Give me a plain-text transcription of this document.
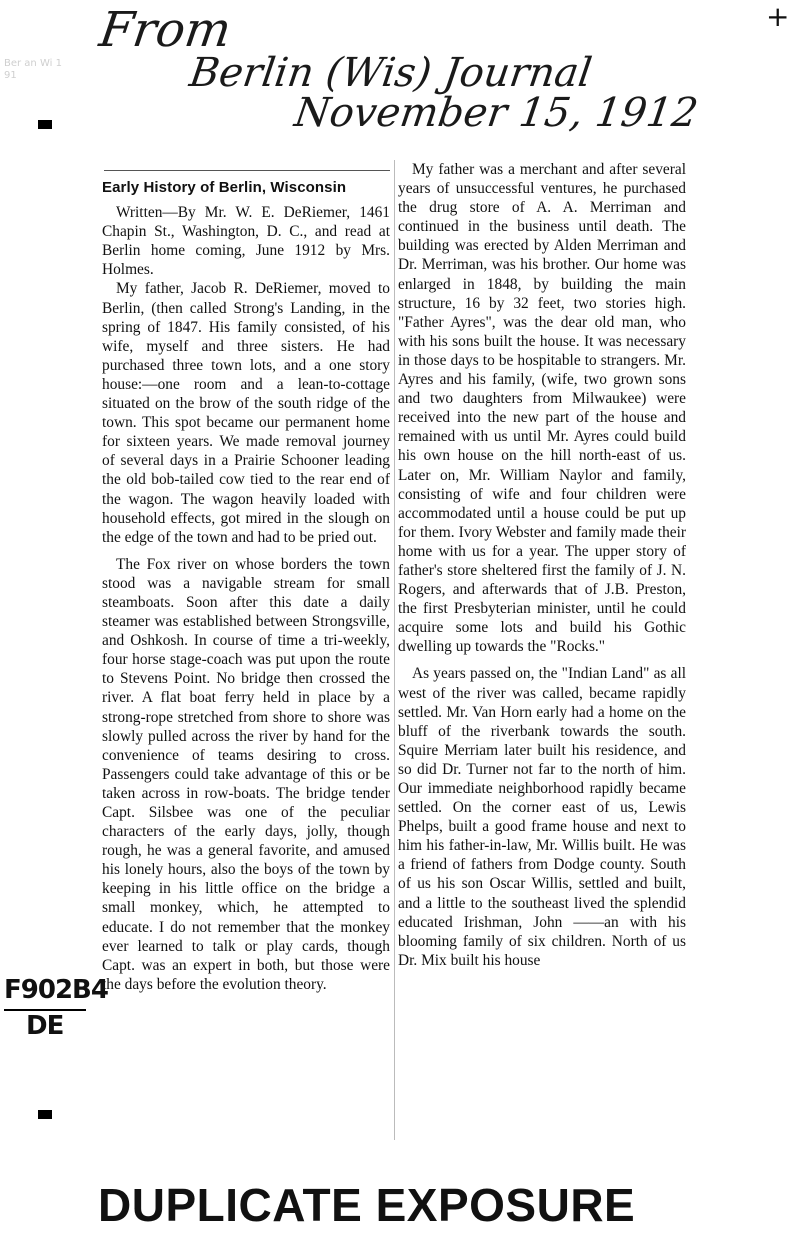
From
Berlin (Wis) Journal
November 15, 1912
+
Ber an Wi 1 91
F902B4
DE

Early History of Berlin, Wisconsin

Written—By Mr. W. E. DeRiemer, 1461 Chapin St., Washington, D. C., and read at Berlin home coming, June 1912 by Mrs. Holmes.

My father, Jacob R. DeRiemer, moved to Berlin, (then called Strong's Landing, in the spring of 1847. His family consisted, of his wife, myself and three sisters. He had purchased three town lots, and a one story house:—one room and a lean-to-cottage situated on the brow of the south ridge of the town. This spot became our permanent home for sixteen years. We made removal journey of several days in a Prairie Schooner leading the old bob-tailed cow tied to the rear end of the wagon. The wagon heavily loaded with household effects, got mired in the slough on the edge of the town and had to be pried out.

The Fox river on whose borders the town stood was a navigable stream for small steamboats. Soon after this date a daily steamer was established between Strongsville, and Oshkosh. In course of time a tri-weekly, four horse stage-coach was put upon the route to Stevens Point. No bridge then crossed the river. A flat boat ferry held in place by a strong-rope stretched from shore to shore was slowly pulled across the river by hand for the convenience of teams desiring to cross. Passengers could take advantage of this or be taken across in row-boats. The bridge tender Capt. Silsbee was one of the peculiar characters of the early days, jolly, though rough, he was a general favorite, and amused his lonely hours, also the boys of the town by keeping in his little office on the bridge a small monkey, which, he attempted to educate. I do not remember that the monkey ever learned to talk or play cards, though Capt. was an expert in both, but those were the days before the evolution theory.

My father was a merchant and after several years of unsuccessful ventures, he purchased the drug store of A. A. Merriman and continued in the business until death. The building was erected by Alden Merriman and Dr. Merriman, was his brother. Our home was enlarged in 1848, by building the main structure, 16 by 32 feet, two stories high. "Father Ayres", was the dear old man, who with his sons built the house. It was necessary in those days to be hospitable to strangers. Mr. Ayres and his family, (wife, two grown sons and two daughters from Milwaukee) were received into the new part of the house and remained with us until Mr. Ayres could build his own house on the hill north-east of us. Later on, Mr. William Naylor and family, consisting of wife and four children were accommodated until a house could be put up for them. Ivory Webster and family made their home with us for a year. The upper story of father's store sheltered first the family of J. N. Rogers, and afterwards that of J.B. Preston, the first Presbyterian minister, until he could acquire some lots and build his Gothic dwelling up towards the "Rocks."

As years passed on, the "Indian Land" as all west of the river was called, became rapidly settled. Mr. Van Horn early had a home on the bluff of the riverbank towards the south. Squire Merriam later built his residence, and so did Dr. Turner not far to the north of him. Our immediate neighborhood rapidly became settled. On the corner east of us, Lewis Phelps, built a good frame house and next to him his father-in-law, Mr. Willis built. He was a friend of fathers from Dodge county. South of us his son Oscar Willis, settled and built, and a little to the southeast lived the splendid educated Irishman, John ——an with his blooming family of six children. North of us Dr. Mix built his house

DUPLICATE EXPOSURE
